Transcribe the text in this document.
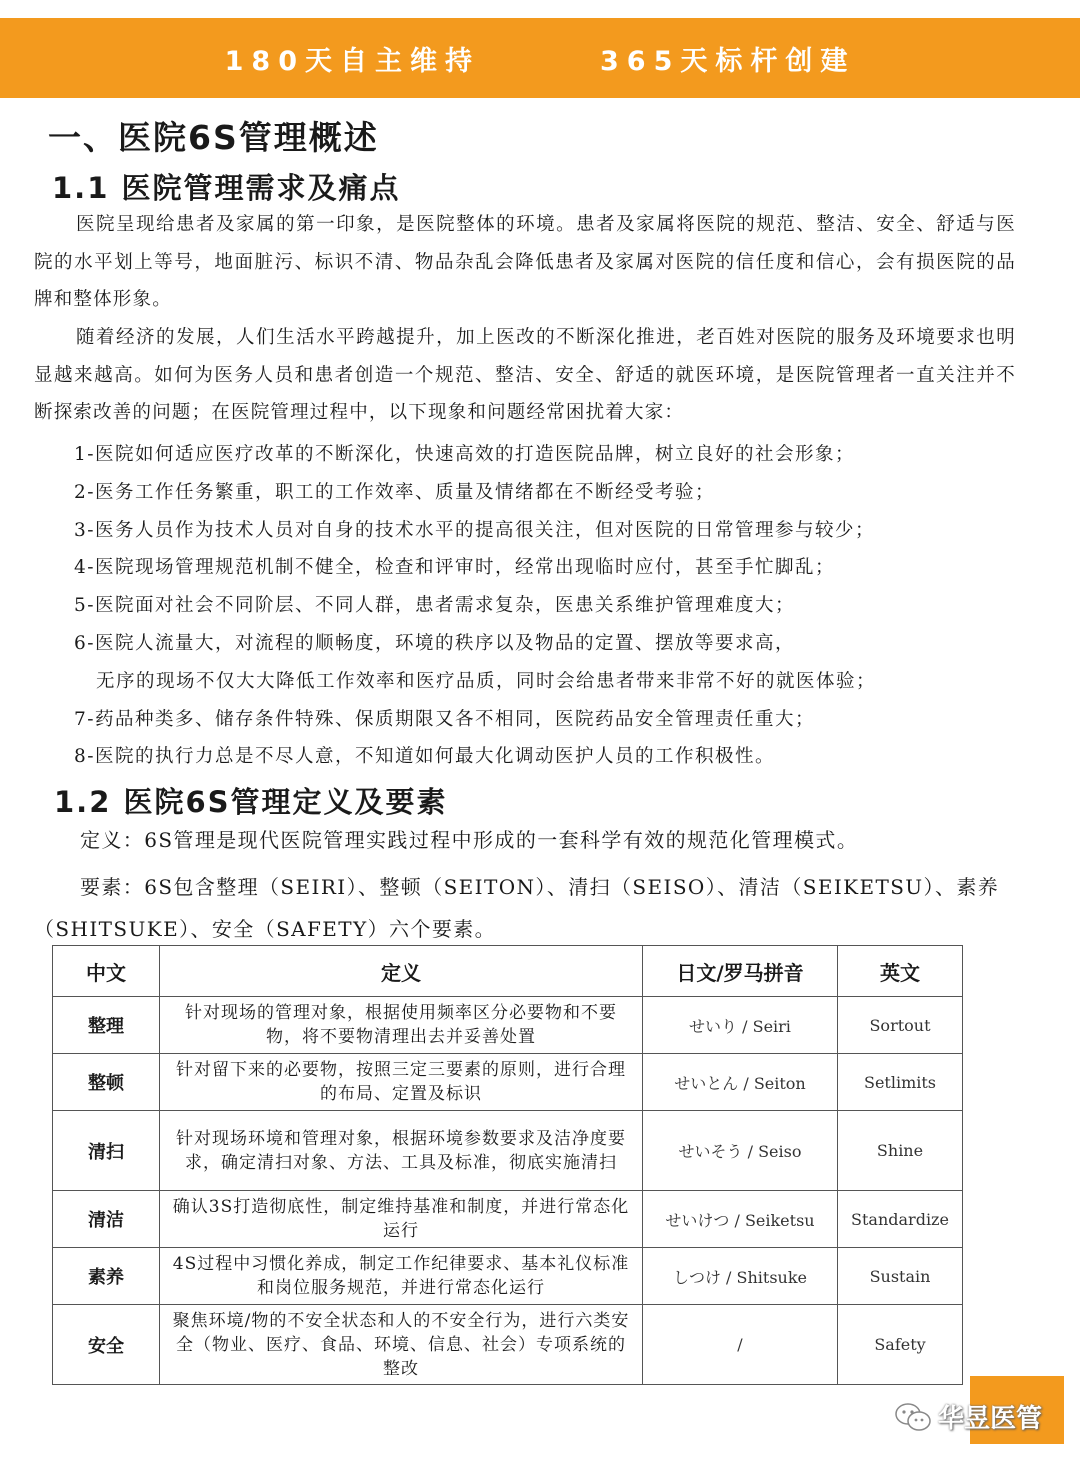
180天自主维持	365天标杆创建
一、医院6S管理概述
1.1 医院管理需求及痛点

医院呈现给患者及家属的第一印象，是医院整体的环境。患者及家属将医院的规范、整洁、安全、舒适与医院的水平划上等号，地面脏污、标识不清、物品杂乱会降低患者及家属对医院的信任度和信心，会有损医院的品牌和整体形象。

随着经济的发展，人们生活水平跨越提升，加上医改的不断深化推进，老百姓对医院的服务及环境要求也明显越来越高。如何为医务人员和患者创造一个规范、整洁、安全、舒适的就医环境，是医院管理者一直关注并不断探索改善的问题；在医院管理过程中，以下现象和问题经常困扰着大家：

1-医院如何适应医疗改革的不断深化，快速高效的打造医院品牌，树立良好的社会形象；

2-医务工作任务繁重，职工的工作效率、质量及情绪都在不断经受考验；

3-医务人员作为技术人员对自身的技术水平的提高很关注，但对医院的日常管理参与较少；

4-医院现场管理规范机制不健全，检查和评审时，经常出现临时应付，甚至手忙脚乱；

5-医院面对社会不同阶层、不同人群，患者需求复杂，医患关系维护管理难度大；

6-医院人流量大，对流程的顺畅度，环境的秩序以及物品的定置、摆放等要求高，

无序的现场不仅大大降低工作效率和医疗品质，同时会给患者带来非常不好的就医体验；

7-药品种类多、储存条件特殊、保质期限又各不相同，医院药品安全管理责任重大；

8-医院的执行力总是不尽人意，不知道如何最大化调动医护人员的工作积极性。

1.2 医院6S管理定义及要素

定义：6S管理是现代医院管理实践过程中形成的一套科学有效的规范化管理模式。

要素：6S包含整理（SEIRI）、整顿（SEITON）、清扫（SEISO）、清洁（SEIKETSU）、素养（SHITSUKE）、安全（SAFETY）六个要素。

中文	定义	日文/罗马拼音	英文
整理	针对现场的管理对象，根据使用频率区分必要物和不要物，将不要物清理出去并妥善处置	せいり / Seiri	Sortout
整顿	针对留下来的必要物，按照三定三要素的原则，进行合理的布局、定置及标识	せいとん / Seiton	Setlimits
清扫	针对现场环境和管理对象，根据环境参数要求及洁净度要求，确定清扫对象、方法、工具及标准，彻底实施清扫	せいそう / Seiso	Shine
清洁	确认3S打造彻底性，制定维持基准和制度，并进行常态化运行	せいけつ / Seiketsu	Standardize
素养	4S过程中习惯化养成，制定工作纪律要求、基本礼仪标准和岗位服务规范，并进行常态化运行	しつけ / Shitsuke	Sustain
安全	聚焦环境/物的不安全状态和人的不安全行为，进行六类安全（物业、医疗、食品、环境、信息、社会）专项系统的整改	/	Safety
华昱医管
